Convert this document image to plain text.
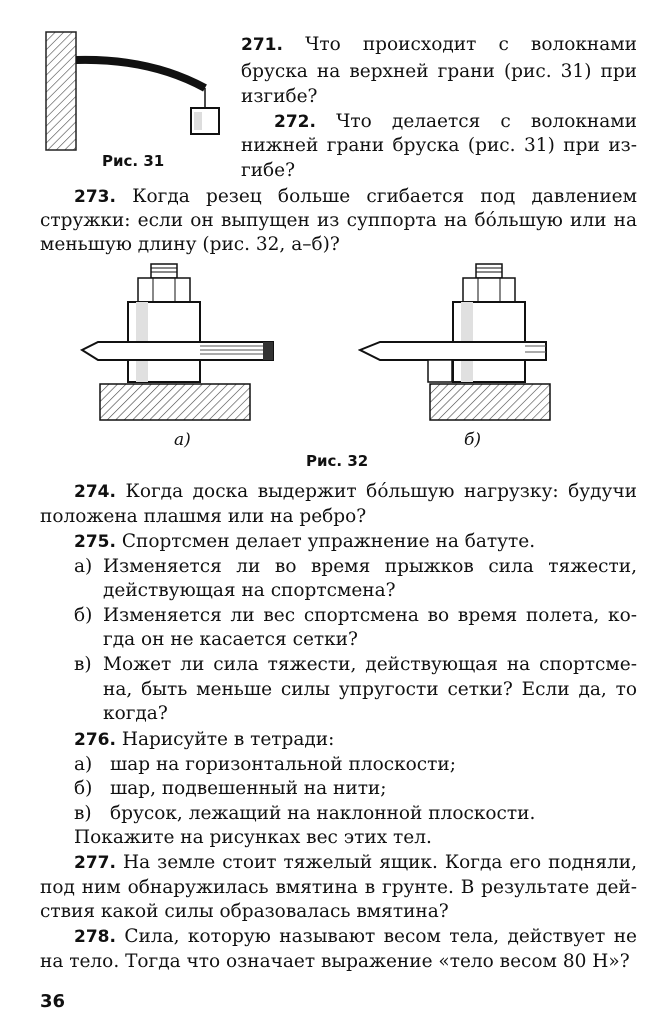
Рис. 31
271. Что происходит с волокнами
бруска на верхней грани (рис. 31) при
изгибе?
272. Что делается с волокнами
нижней грани бруска (рис. 31) при из-
гибе?
273. Когда резец больше сгибается под давлением
стружки: если он выпущен из суппорта на бо́льшую или на
меньшую длину (рис. 32, а–б)?
а)	б)
Рис. 32
274. Когда доска выдержит бо́льшую нагрузку: будучи
положена плашмя или на ребро?
275. Спортсмен делает упражнение на батуте.
а) Изменяется ли во время прыжков сила тяжести,
действующая на спортсмена?
б) Изменяется ли вес спортсмена во время полета, ко-
гда он не касается сетки?
в) Может ли сила тяжести, действующая на спортсме-
на, быть меньше силы упругости сетки? Если да, то
когда?
276. Нарисуйте в тетради:
а) шар на горизонтальной плоскости;
б) шар, подвешенный на нити;
в) брусок, лежащий на наклонной плоскости.
Покажите на рисунках вес этих тел.
277. На земле стоит тяжелый ящик. Когда его подняли,
под ним обнаружилась вмятина в грунте. В результате дей-
ствия какой силы образовалась вмятина?
278. Сила, которую называют весом тела, действует не
на тело. Тогда что означает выражение «тело весом 80 Н»?
36
